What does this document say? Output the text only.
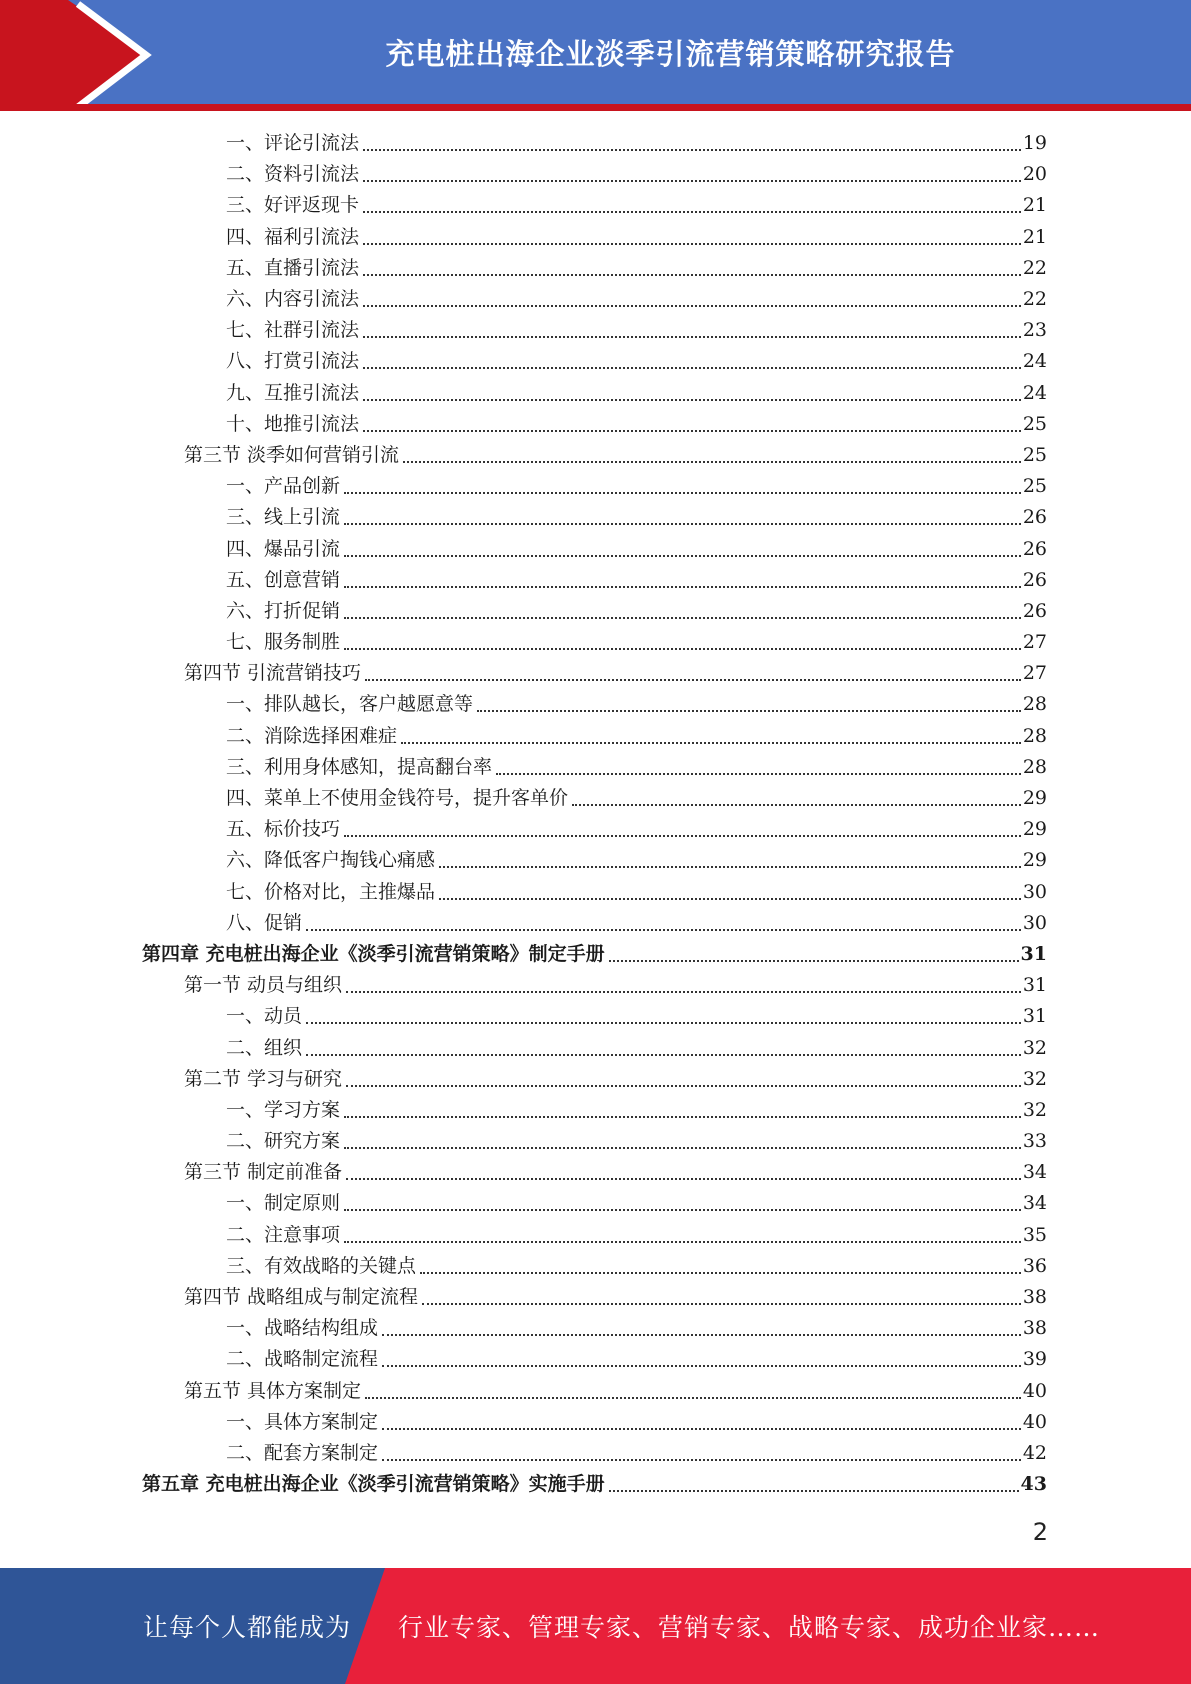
充电桩出海企业淡季引流营销策略研究报告
一、评论引流法	19
二、资料引流法	20
三、好评返现卡	21
四、福利引流法	21
五、直播引流法	22
六、内容引流法	22
七、社群引流法	23
八、打赏引流法	24
九、互推引流法	24
十、地推引流法	25
第三节 淡季如何营销引流	25
一、产品创新	25
三、线上引流	26
四、爆品引流	26
五、创意营销	26
六、打折促销	26
七、服务制胜	27
第四节 引流营销技巧	27
一、排队越长，客户越愿意等	28
二、消除选择困难症	28
三、利用身体感知，提高翻台率	28
四、菜单上不使用金钱符号，提升客单价	29
五、标价技巧	29
六、降低客户掏钱心痛感	29
七、价格对比，主推爆品	30
八、促销	30
第四章 充电桩出海企业《淡季引流营销策略》制定手册	31
第一节 动员与组织	31
一、动员	31
二、组织	32
第二节 学习与研究	32
一、学习方案	32
二、研究方案	33
第三节 制定前准备	34
一、制定原则	34
二、注意事项	35
三、有效战略的关键点	36
第四节 战略组成与制定流程	38
一、战略结构组成	38
二、战略制定流程	39
第五节 具体方案制定	40
一、具体方案制定	40
二、配套方案制定	42
第五章 充电桩出海企业《淡季引流营销策略》实施手册	43
2
让每个人都能成为 行业专家、管理专家、营销专家、战略专家、成功企业家……
